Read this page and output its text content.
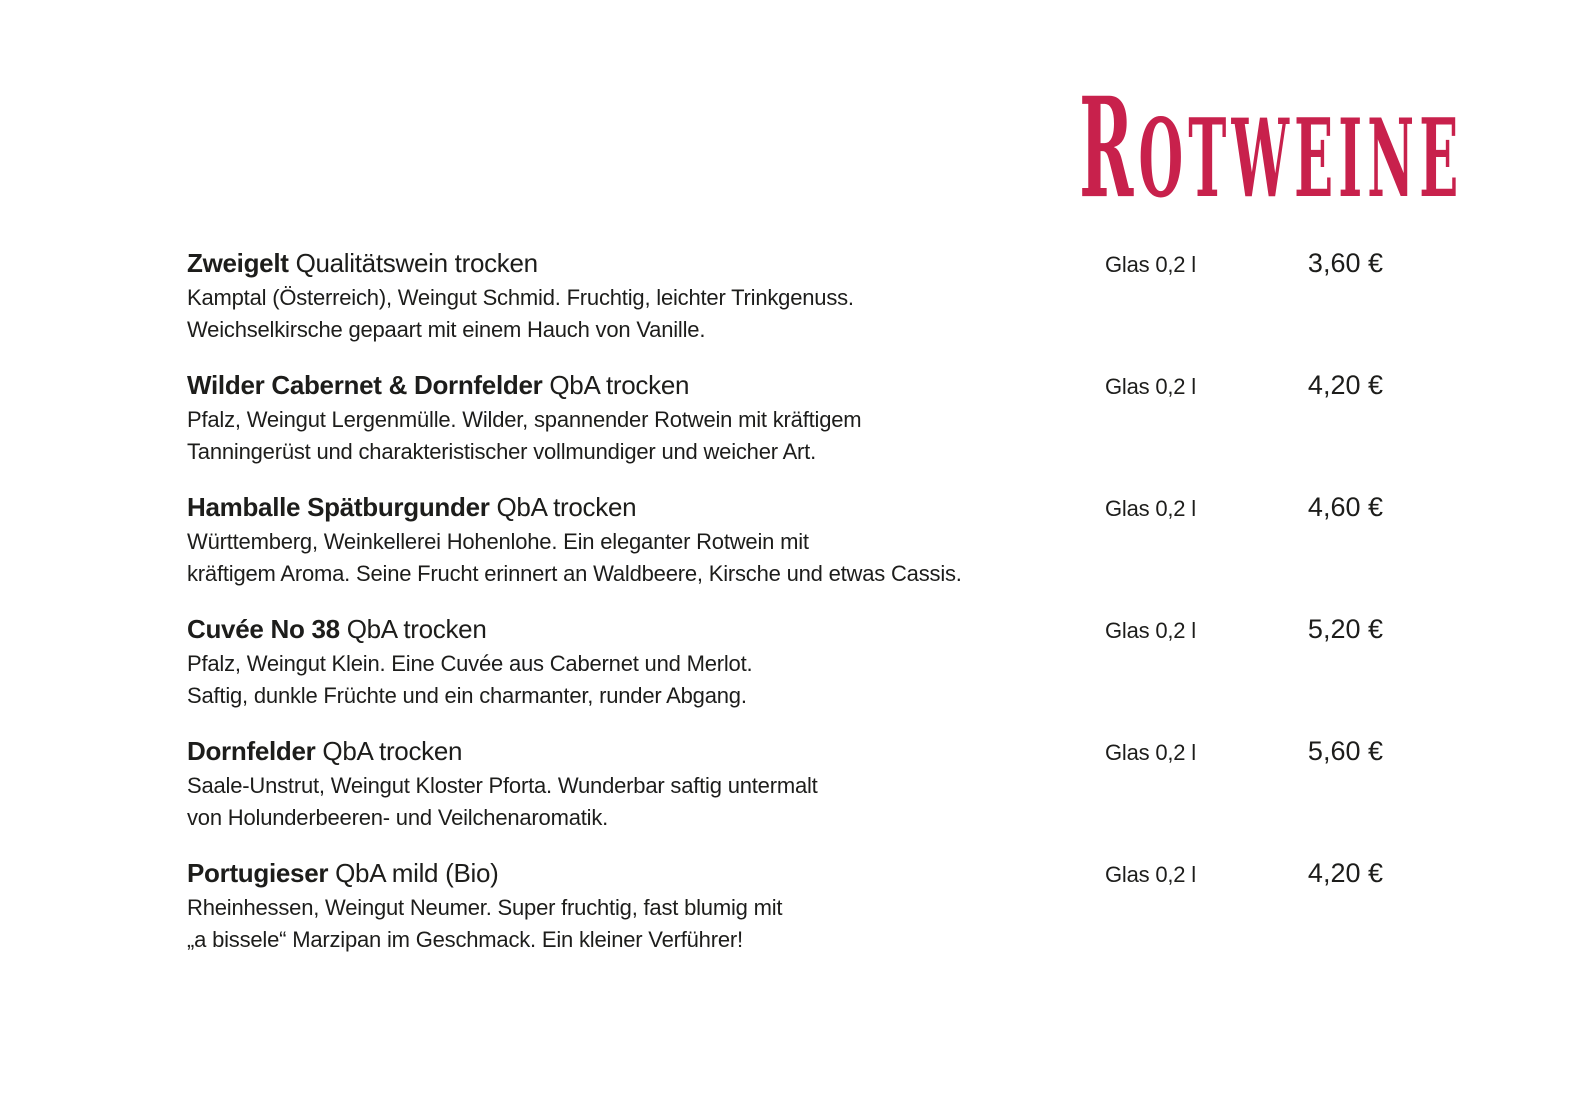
ROTWEINE
Zweigelt Qualitätswein trocken	Glas 0,2 l	3,60 €
Kamptal (Österreich), Weingut Schmid. Fruchtig, leichter Trinkgenuss.
Weichselkirsche gepaart mit einem Hauch von Vanille.
Wilder Cabernet & Dornfelder QbA trocken	Glas 0,2 l	4,20 €
Pfalz, Weingut Lergenmülle. Wilder, spannender Rotwein mit kräftigem
Tanningerüst und charakteristischer vollmundiger und weicher Art.
Hamballe Spätburgunder QbA trocken	Glas 0,2 l	4,60 €
Württemberg, Weinkellerei Hohenlohe. Ein eleganter Rotwein mit
kräftigem Aroma. Seine Frucht erinnert an Waldbeere, Kirsche und etwas Cassis.
Cuvée No 38 QbA trocken	Glas 0,2 l	5,20 €
Pfalz, Weingut Klein. Eine Cuvée aus Cabernet und Merlot.
Saftig, dunkle Früchte und ein charmanter, runder Abgang.
Dornfelder QbA trocken	Glas 0,2 l	5,60 €
Saale-Unstrut, Weingut Kloster Pforta. Wunderbar saftig untermalt
von Holunderbeeren- und Veilchenaromatik.
Portugieser QbA mild (Bio)	Glas 0,2 l	4,20 €
Rheinhessen, Weingut Neumer. Super fruchtig, fast blumig mit
„a bissele“ Marzipan im Geschmack. Ein kleiner Verführer!
